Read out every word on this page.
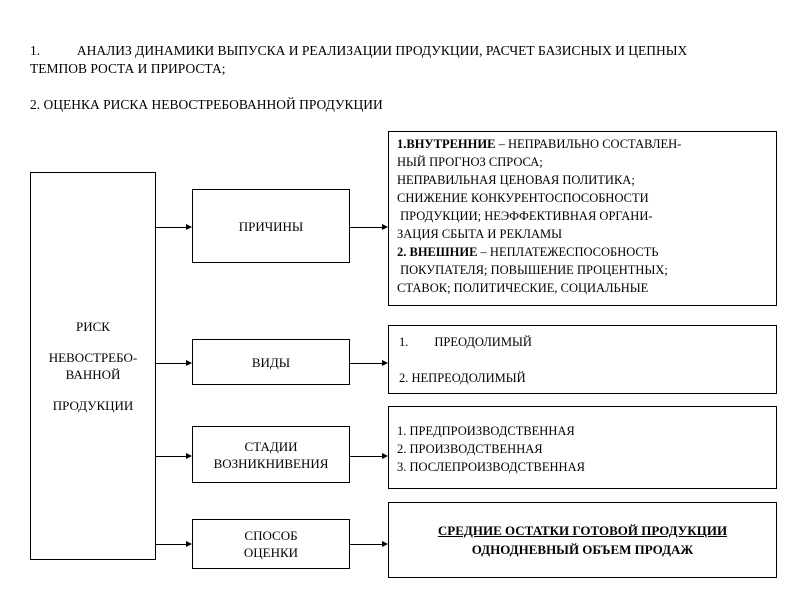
1.	АНАЛИЗ ДИНАМИКИ ВЫПУСКА И РЕАЛИЗАЦИИ ПРОДУКЦИИ, РАСЧЕТ БАЗИСНЫХ И ЦЕПНЫХ
ТЕМПОВ РОСТА И ПРИРОСТА;
2. ОЦЕНКА РИСКА НЕВОСТРЕБОВАННОЙ ПРОДУКЦИИ
РИСК
НЕВОСТРЕБО-
ВАННОЙ
ПРОДУКЦИИ
ПРИЧИНЫ
ВИДЫ
СТАДИИ
ВОЗНИКНИВЕНИЯ
СПОСОБ
ОЦЕНКИ
1.ВНУТРЕННИЕ – НЕПРАВИЛЬНО СОСТАВЛЕН-
НЫЙ ПРОГНОЗ СПРОСА;
НЕПРАВИЛЬНАЯ ЦЕНОВАЯ ПОЛИТИКА;
СНИЖЕНИЕ КОНКУРЕНТОСПОСОБНОСТИ
ПРОДУКЦИИ; НЕЭФФЕКТИВНАЯ ОРГАНИ-
ЗАЦИЯ СБЫТА И РЕКЛАМЫ
2. ВНЕШНИЕ – НЕПЛАТЕЖЕСПОСОБНОСТЬ
ПОКУПАТЕЛЯ; ПОВЫШЕНИЕ ПРОЦЕНТНЫХ;
СТАВОК; ПОЛИТИЧЕСКИЕ, СОЦИАЛЬНЫЕ
1. ПРЕОДОЛИМЫЙ
2. НЕПРЕОДОЛИМЫЙ
1. ПРЕДПРОИЗВОДСТВЕННАЯ
2. ПРОИЗВОДСТВЕННАЯ
3. ПОСЛЕПРОИЗВОДСТВЕННАЯ
СРЕДНИЕ ОСТАТКИ ГОТОВОЙ ПРОДУКЦИИ
ОДНОДНЕВНЫЙ ОБЪЕМ ПРОДАЖ
